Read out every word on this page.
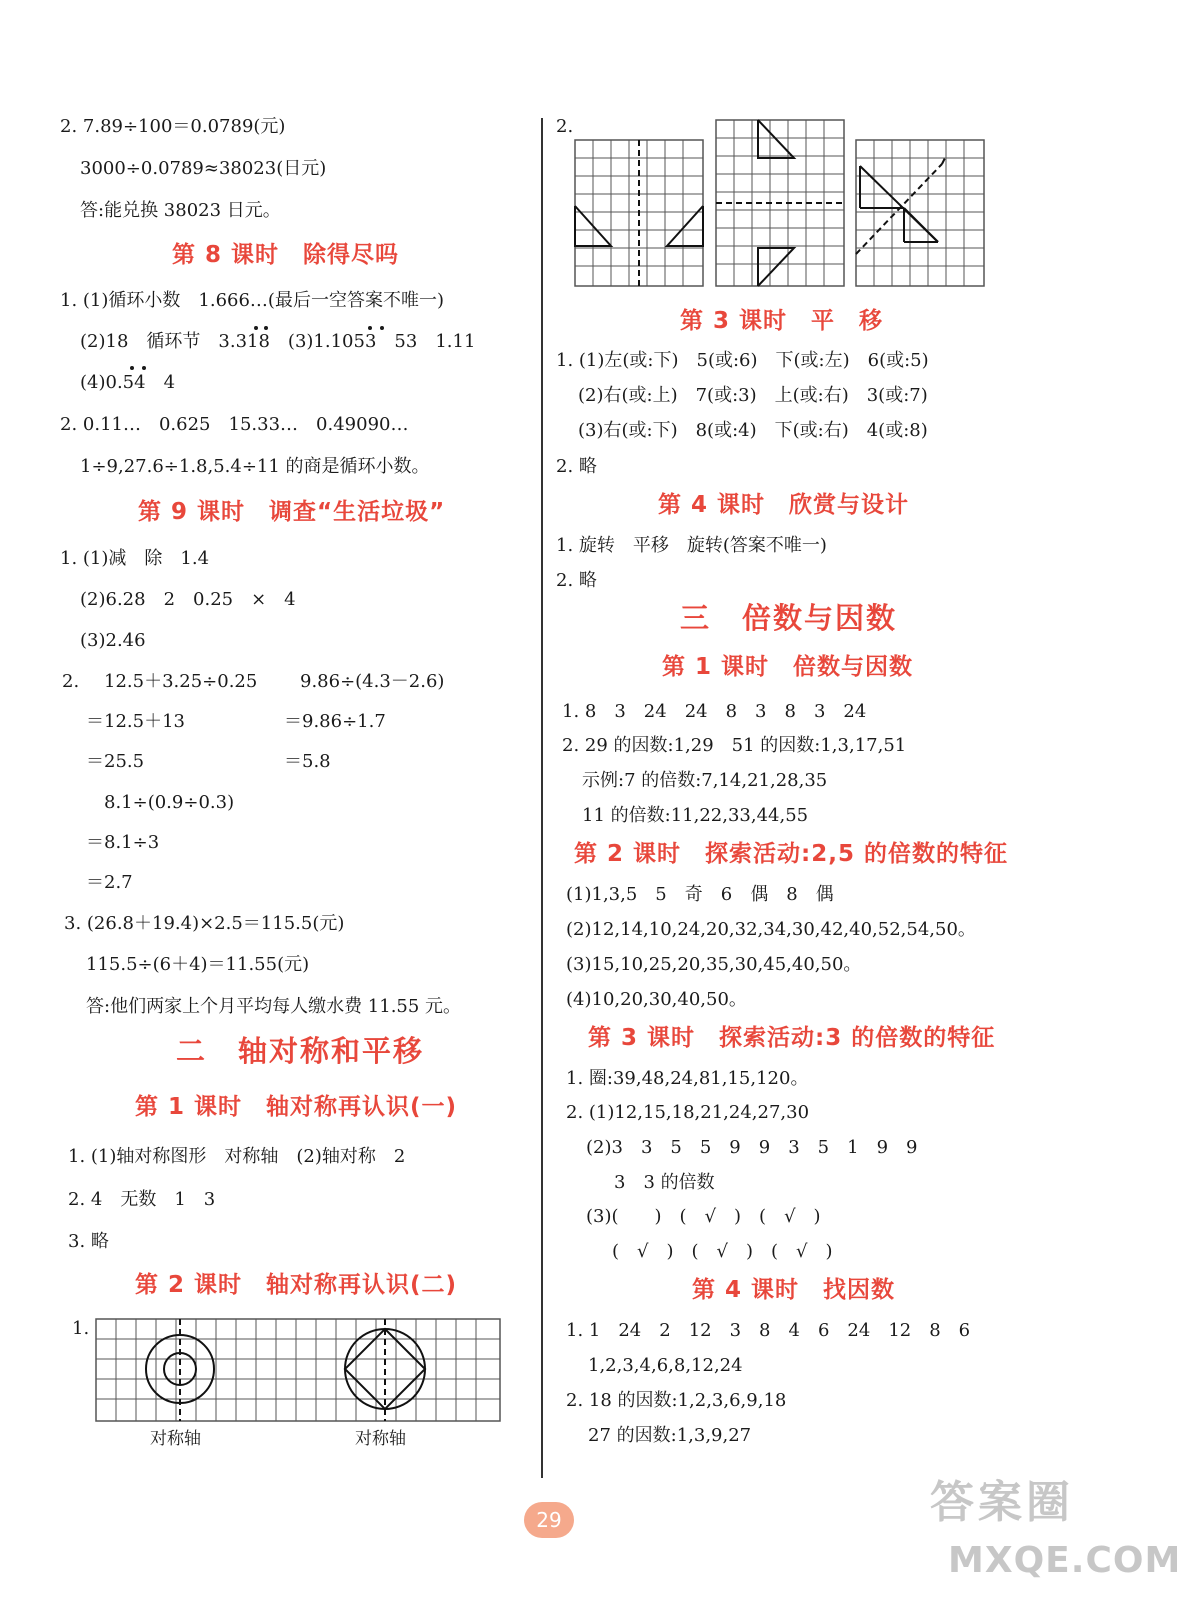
2. 7.89÷100＝0.0789(元)
3000÷0.0789≈38023(日元)
答:能兑换 38023 日元。
第 8 课时　除得尽吗
1. (1)循环小数　1.666…(最后一空答案不唯一)
(2)18　循环节　3.318　(3)1.1053　53　1.11
(4)0.54　4
2. 0.11…　0.625　15.33…　0.49090…
1÷9,27.6÷1.8,5.4÷11 的商是循环小数。
第 9 课时　调查“生活垃圾”
1. (1)减　除　1.4
(2)6.28　2　0.25　×　4
(3)2.46
2. 12.5＋3.25÷0.25 9.86÷(4.3－2.6)
＝12.5＋13	＝9.86÷1.7
＝25.5	＝5.8
8.1÷(0.9÷0.3)
＝8.1÷3
＝2.7
3. (26.8＋19.4)×2.5＝115.5(元)
115.5÷(6＋4)＝11.55(元)
答:他们两家上个月平均每人缴水费 11.55 元。
二　轴对称和平移
第 1 课时　轴对称再认识(一)
1. (1)轴对称图形　对称轴　(2)轴对称　2
2. 4　无数　1　3
3. 略
第 2 课时　轴对称再认识(二)
1.
对称轴	对称轴
2.
第 3 课时　平　移
1. (1)左(或:下)　5(或:6)　下(或:左)　6(或:5)
(2)右(或:上)　7(或:3)　上(或:右)　3(或:7)
(3)右(或:下)　8(或:4)　下(或:右)　4(或:8)
2. 略
第 4 课时　欣赏与设计
1. 旋转　平移　旋转(答案不唯一)
2. 略
三　倍数与因数
第 1 课时　倍数与因数
1. 8　3　24　24　8　3　8　3　24
2. 29 的因数:1,29　51 的因数:1,3,17,51
示例:7 的倍数:7,14,21,28,35
11 的倍数:11,22,33,44,55
第 2 课时　探索活动:2,5 的倍数的特征
(1)1,3,5　5　奇　6　偶　8　偶
(2)12,14,10,24,20,32,34,30,42,40,52,54,50。
(3)15,10,25,20,35,30,45,40,50。
(4)10,20,30,40,50。
第 3 课时　探索活动:3 的倍数的特征
1. 圈:39,48,24,81,15,120。
2. (1)12,15,18,21,24,27,30
(2)3　3　5　5　9　9　3　5　1　9　9
3　3 的倍数
(3)(　　)　(　√　)　(　√　)
(　√　)　(　√　)　(　√　)
第 4 课时　找因数
1. 1　24　2　12　3　8　4　6　24　12　8　6
1,2,3,4,6,8,12,24
2. 18 的因数:1,2,3,6,9,18
27 的因数:1,3,9,27
29	答案圈
MXQE.COM
